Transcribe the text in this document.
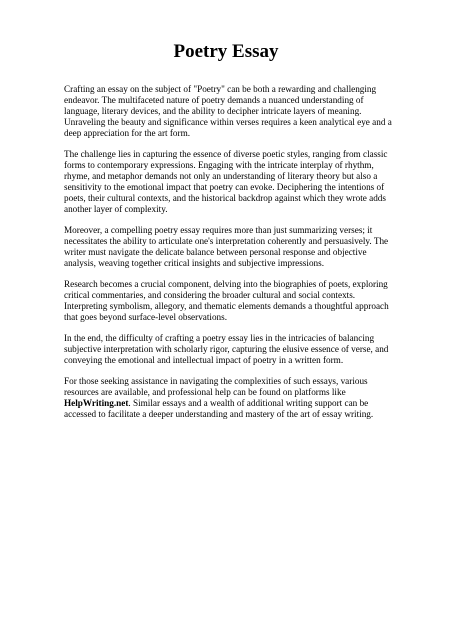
Poetry Essay

Crafting an essay on the subject of "Poetry" can be both a rewarding and challenging endeavor. The multifaceted nature of poetry demands a nuanced understanding of language, literary devices, and the ability to decipher intricate layers of meaning. Unraveling the beauty and significance within verses requires a keen analytical eye and a deep appreciation for the art form.

The challenge lies in capturing the essence of diverse poetic styles, ranging from classic forms to contemporary expressions. Engaging with the intricate interplay of rhythm, rhyme, and metaphor demands not only an understanding of literary theory but also a sensitivity to the emotional impact that poetry can evoke. Deciphering the intentions of poets, their cultural contexts, and the historical backdrop against which they wrote adds another layer of complexity.

Moreover, a compelling poetry essay requires more than just summarizing verses; it necessitates the ability to articulate one's interpretation coherently and persuasively. The writer must navigate the delicate balance between personal response and objective analysis, weaving together critical insights and subjective impressions.

Research becomes a crucial component, delving into the biographies of poets, exploring critical commentaries, and considering the broader cultural and social contexts. Interpreting symbolism, allegory, and thematic elements demands a thoughtful approach that goes beyond surface-level observations.

In the end, the difficulty of crafting a poetry essay lies in the intricacies of balancing subjective interpretation with scholarly rigor, capturing the elusive essence of verse, and conveying the emotional and intellectual impact of poetry in a written form.

For those seeking assistance in navigating the complexities of such essays, various resources are available, and professional help can be found on platforms like HelpWriting.net. Similar essays and a wealth of additional writing support can be accessed to facilitate a deeper understanding and mastery of the art of essay writing.
